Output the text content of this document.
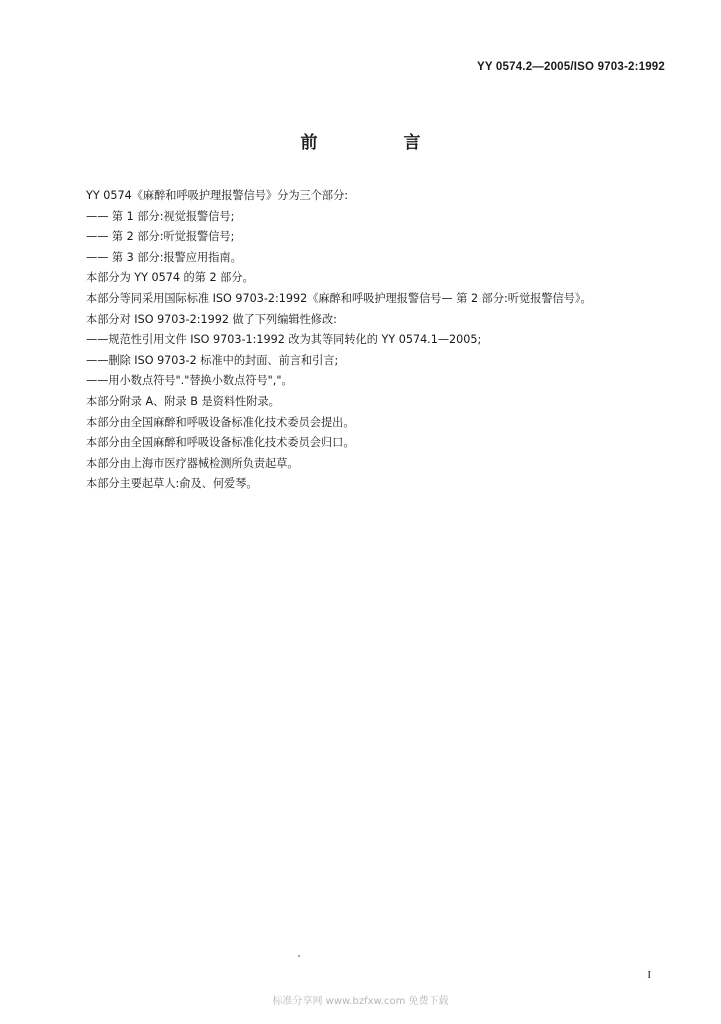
YY 0574.2—2005/ISO 9703-2:1992
前 言

YY 0574《麻醉和呼吸护理报警信号》分为三个部分:

—— 第 1 部分:视觉报警信号;

—— 第 2 部分:听觉报警信号;

—— 第 3 部分:报警应用指南。

本部分为 YY 0574 的第 2 部分。

本部分等同采用国际标准 ISO 9703-2:1992《麻醉和呼吸护理报警信号— 第 2 部分:听觉报警信号》。

本部分对 ISO 9703-2:1992 做了下列编辑性修改:

——规范性引用文件 ISO 9703-1:1992 改为其等同转化的 YY 0574.1—2005;

——删除 ISO 9703-2 标准中的封面、前言和引言;

——用小数点符号"."替换小数点符号","。

本部分附录 A、附录 B 是资料性附录。

本部分由全国麻醉和呼吸设备标准化技术委员会提出。

本部分由全国麻醉和呼吸设备标准化技术委员会归口。

本部分由上海市医疗器械检测所负责起草。

本部分主要起草人:俞及、何爱琴。

I
标准分享网 www.bzfxw.com 免费下载
